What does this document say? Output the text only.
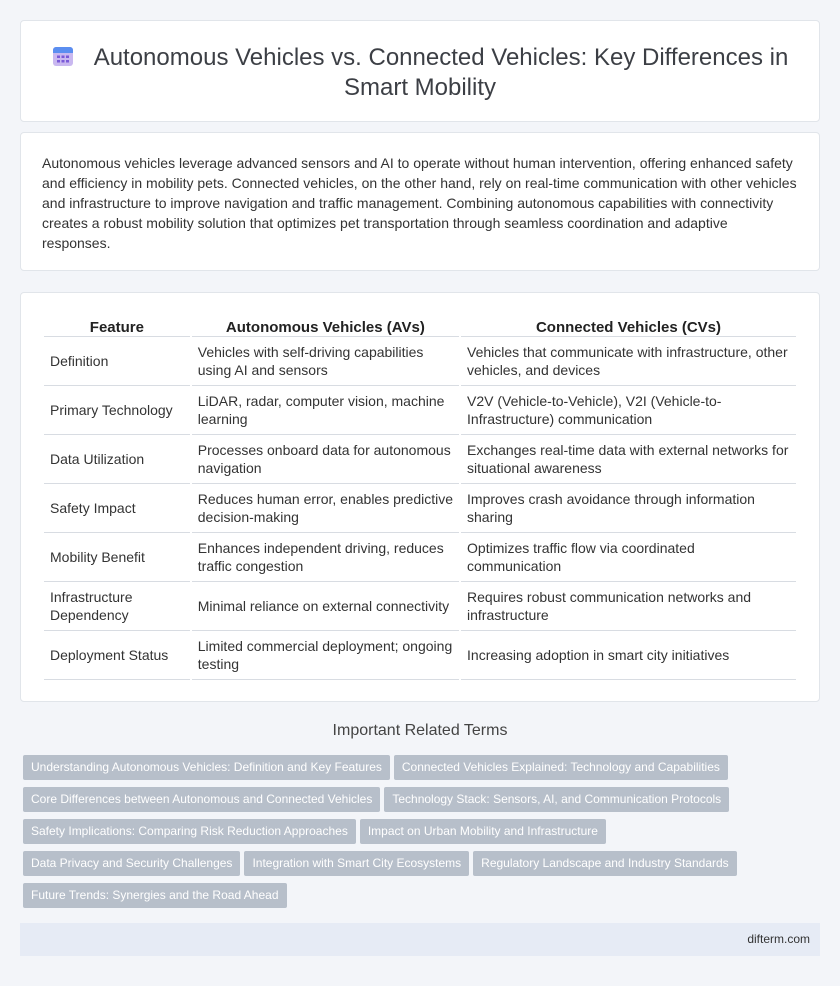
Autonomous Vehicles vs. Connected Vehicles: Key Differences in Smart Mobility

Autonomous vehicles leverage advanced sensors and AI to operate without human intervention, offering enhanced safety and efficiency in mobility pets. Connected vehicles, on the other hand, rely on real-time communication with other vehicles and infrastructure to improve navigation and traffic management. Combining autonomous capabilities with connectivity creates a robust mobility solution that optimizes pet transportation through seamless coordination and adaptive responses.

Feature	Autonomous Vehicles (AVs)	Connected Vehicles (CVs)
Definition	Vehicles with self-driving capabilities using AI and sensors	Vehicles that communicate with infrastructure, other vehicles, and devices
Primary Technology	LiDAR, radar, computer vision, machine learning	V2V (Vehicle-to-Vehicle), V2I (Vehicle-to-Infrastructure) communication
Data Utilization	Processes onboard data for autonomous navigation	Exchanges real-time data with external networks for situational awareness
Safety Impact	Reduces human error, enables predictive decision-making	Improves crash avoidance through information sharing
Mobility Benefit	Enhances independent driving, reduces traffic congestion	Optimizes traffic flow via coordinated communication
Infrastructure Dependency	Minimal reliance on external connectivity	Requires robust communication networks and infrastructure
Deployment Status	Limited commercial deployment; ongoing testing	Increasing adoption in smart city initiatives
Important Related Terms
Understanding Autonomous Vehicles: Definition and Key Features Connected Vehicles Explained: Technology and Capabilities
Core Differences between Autonomous and Connected Vehicles Technology Stack: Sensors, AI, and Communication Protocols
Safety Implications: Comparing Risk Reduction Approaches Impact on Urban Mobility and Infrastructure
Data Privacy and Security Challenges Integration with Smart City Ecosystems Regulatory Landscape and Industry Standards
Future Trends: Synergies and the Road Ahead
difterm.com
